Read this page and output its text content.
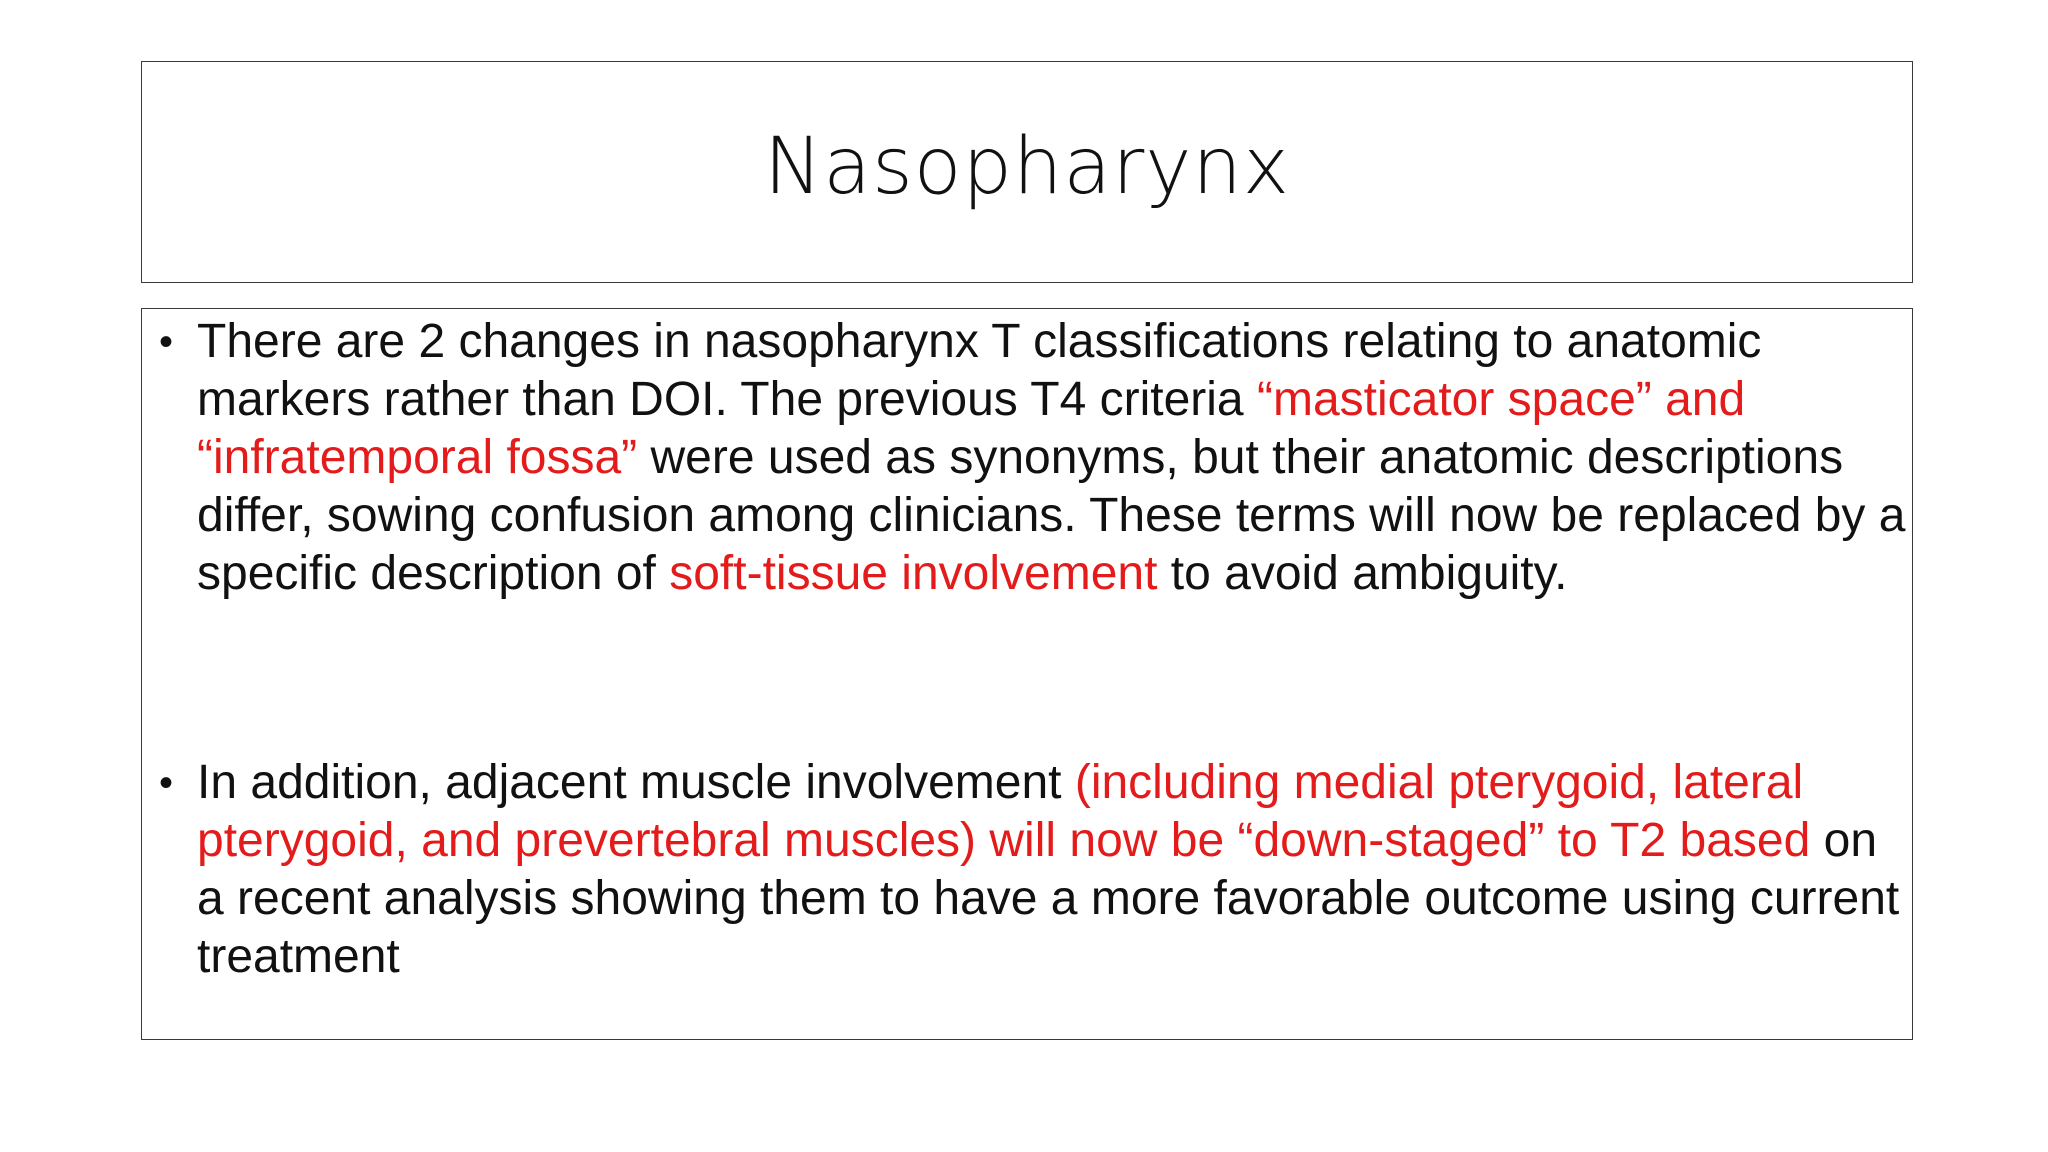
Nasopharynx
• There are 2 changes in nasopharynx T classifications relating to anatomic markers rather than DOI. The previous T4 criteria “masticator space” and “infratemporal fossa” were used as synonyms, but their anatomic descriptions differ, sowing confusion among clinicians. These terms will now be replaced by a specific description of soft-tissue involvement to avoid ambiguity.
• In addition, adjacent muscle involvement (including medial pterygoid, lateral pterygoid, and prevertebral muscles) will now be “down-staged” to T2 based on a recent analysis showing them to have a more favorable outcome using current treatment
